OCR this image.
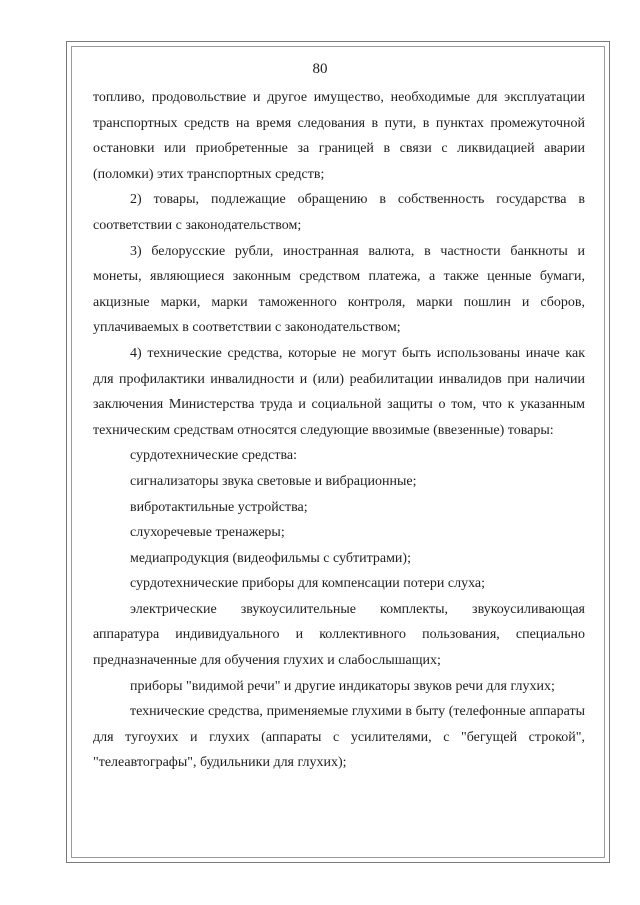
80

топливо, продовольствие и другое имущество, необходимые для эксплуатации транспортных средств на время следования в пути, в пунктах промежуточной остановки или приобретенные за границей в связи с ликвидацией аварии (поломки) этих транспортных средств;

2) товары, подлежащие обращению в собственность государства в соответствии с законодательством;

3) белорусские рубли, иностранная валюта, в частности банкноты и монеты, являющиеся законным средством платежа, а также ценные бумаги, акцизные марки, марки таможенного контроля, марки пошлин и сборов, уплачиваемых в соответствии с законодательством;

4) технические средства, которые не могут быть использованы иначе как для профилактики инвалидности и (или) реабилитации инвалидов при наличии заключения Министерства труда и социальной защиты о том, что к указанным техническим средствам относятся следующие ввозимые (ввезенные) товары:

сурдотехнические средства:

сигнализаторы звука световые и вибрационные;

вибротактильные устройства;

слухоречевые тренажеры;

медиапродукция (видеофильмы с субтитрами);

сурдотехнические приборы для компенсации потери слуха;

электрические звукоусилительные комплекты, звукоусиливающая аппаратура индивидуального и коллективного пользования, специально предназначенные для обучения глухих и слабослышащих;

приборы "видимой речи" и другие индикаторы звуков речи для глухих;

технические средства, применяемые глухими в быту (телефонные аппараты для тугоухих и глухих (аппараты с усилителями, с "бегущей строкой", "телеавтографы", будильники для глухих);
